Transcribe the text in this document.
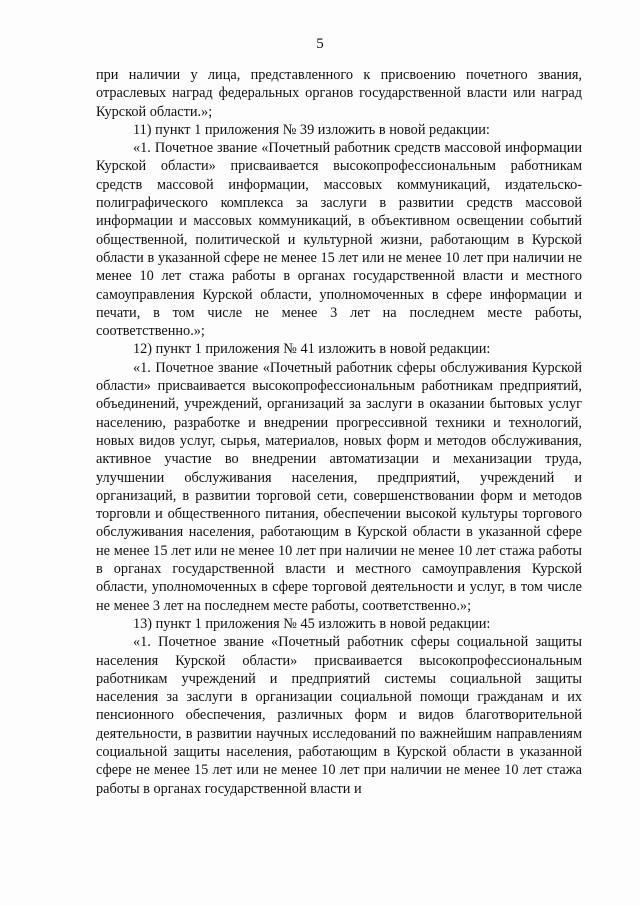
5

при наличии у лица, представленного к присвоению почетного звания, отраслевых наград федеральных органов государственной власти или наград Курской области.»;

11) пункт 1 приложения № 39 изложить в новой редакции:

«1. Почетное звание «Почетный работник средств массовой информации Курской области» присваивается высокопрофессиональным работникам средств массовой информации, массовых коммуникаций, издательско-полиграфического комплекса за заслуги в развитии средств массовой информации и массовых коммуникаций, в объективном освещении событий общественной, политической и культурной жизни, работающим в Курской области в указанной сфере не менее 15 лет или не менее 10 лет при наличии не менее 10 лет стажа работы в органах государственной власти и местного самоуправления Курской области, уполномоченных в сфере информации и печати, в том числе не менее 3 лет на последнем месте работы, соответственно.»;

12) пункт 1 приложения № 41 изложить в новой редакции:

«1. Почетное звание «Почетный работник сферы обслуживания Курской области» присваивается высокопрофессиональным работникам предприятий, объединений, учреждений, организаций за заслуги в оказании бытовых услуг населению, разработке и внедрении прогрессивной техники и технологий, новых видов услуг, сырья, материалов, новых форм и методов обслуживания, активное участие во внедрении автоматизации и механизации труда, улучшении обслуживания населения, предприятий, учреждений и организаций, в развитии торговой сети, совершенствовании форм и методов торговли и общественного питания, обеспечении высокой культуры торгового обслуживания населения, работающим в Курской области в указанной сфере не менее 15 лет или не менее 10 лет при наличии не менее 10 лет стажа работы в органах государственной власти и местного самоуправления Курской области, уполномоченных в сфере торговой деятельности и услуг, в том числе не менее 3 лет на последнем месте работы, соответственно.»;

13) пункт 1 приложения № 45 изложить в новой редакции:

«1. Почетное звание «Почетный работник сферы социальной защиты населения Курской области» присваивается высокопрофессиональным работникам учреждений и предприятий системы социальной защиты населения за заслуги в организации социальной помощи гражданам и их пенсионного обеспечения, различных форм и видов благотворительной деятельности, в развитии научных исследований по важнейшим направлениям социальной защиты населения, работающим в Курской области в указанной сфере не менее 15 лет или не менее 10 лет при наличии не менее 10 лет стажа работы в органах государственной власти и
